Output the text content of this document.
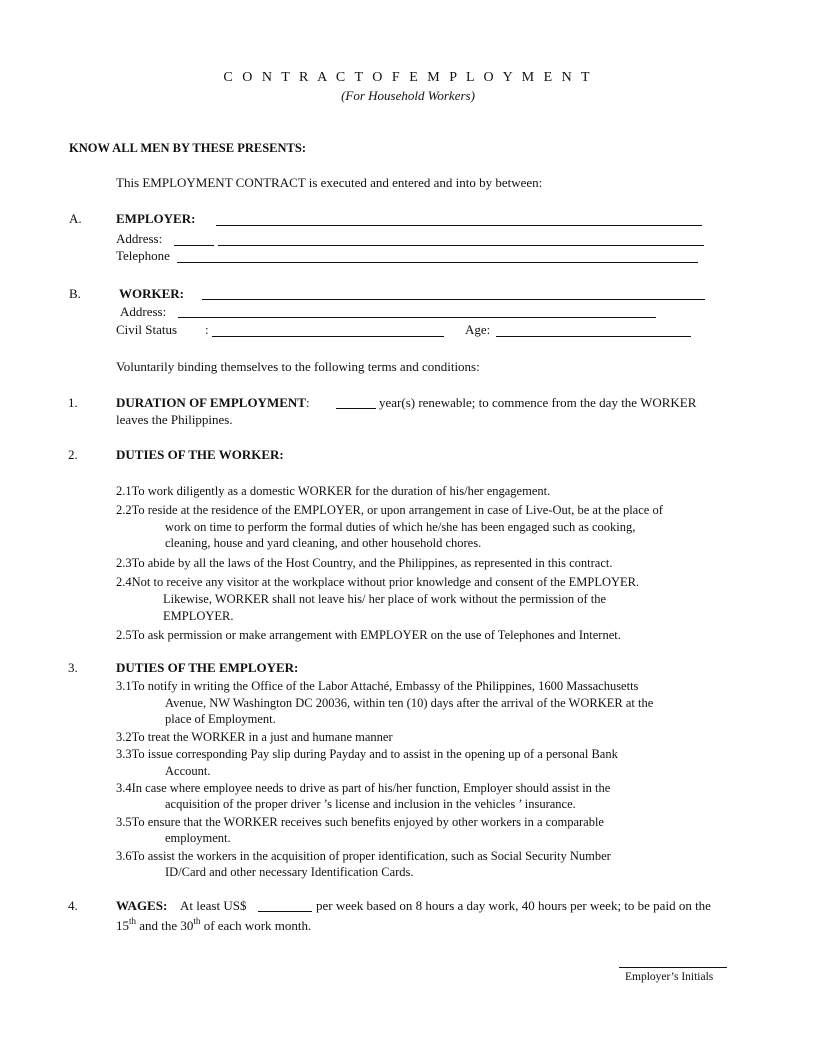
C O N T R A C T O F E M P L O Y M E N T
(For Household Workers)
KNOW ALL MEN BY THESE PRESENTS:
This EMPLOYMENT CONTRACT is executed and entered and into by between:
A.	EMPLOYER:
Address:
Telephone
B.	WORKER:
Address:
Civil Status :	Age:
Voluntarily binding themselves to the following terms and conditions:
1.	DURATION OF EMPLOYMENT:	year(s) renewable; to commence from the day the WORKER
leaves the Philippines.
2.	DUTIES OF THE WORKER:
2.1To work diligently as a domestic WORKER for the duration of his/her engagement.
2.2To reside at the residence of the EMPLOYER, or upon arrangement in case of Live-Out, be at the place of
work on time to perform the formal duties of which he/she has been engaged such as cooking,
cleaning, house and yard cleaning, and other household chores.
2.3To abide by all the laws of the Host Country, and the Philippines, as represented in this contract.
2.4Not to receive any visitor at the workplace without prior knowledge and consent of the EMPLOYER.
Likewise, WORKER shall not leave his/ her place of work without the permission of the
EMPLOYER.
2.5To ask permission or make arrangement with EMPLOYER on the use of Telephones and Internet.
3.	DUTIES OF THE EMPLOYER:
3.1To notify in writing the Office of the Labor Attaché, Embassy of the Philippines, 1600 Massachusetts
Avenue, NW Washington DC 20036, within ten (10) days after the arrival of the WORKER at the
place of Employment.
3.2To treat the WORKER in a just and humane manner
3.3To issue corresponding Pay slip during Payday and to assist in the opening up of a personal Bank
Account.
3.4In case where employee needs to drive as part of his/her function, Employer should assist in the
acquisition of the proper driver ’s license and inclusion in the vehicles ’ insurance.
3.5To ensure that the WORKER receives such benefits enjoyed by other workers in a comparable
employment.
3.6To assist the workers in the acquisition of proper identification, such as Social Security Number
ID/Card and other necessary Identification Cards.
4.	WAGES: At least US$	per week based on 8 hours a day work, 40 hours per week; to be paid on the
15th and the 30th of each work month.
Employer’s Initials
